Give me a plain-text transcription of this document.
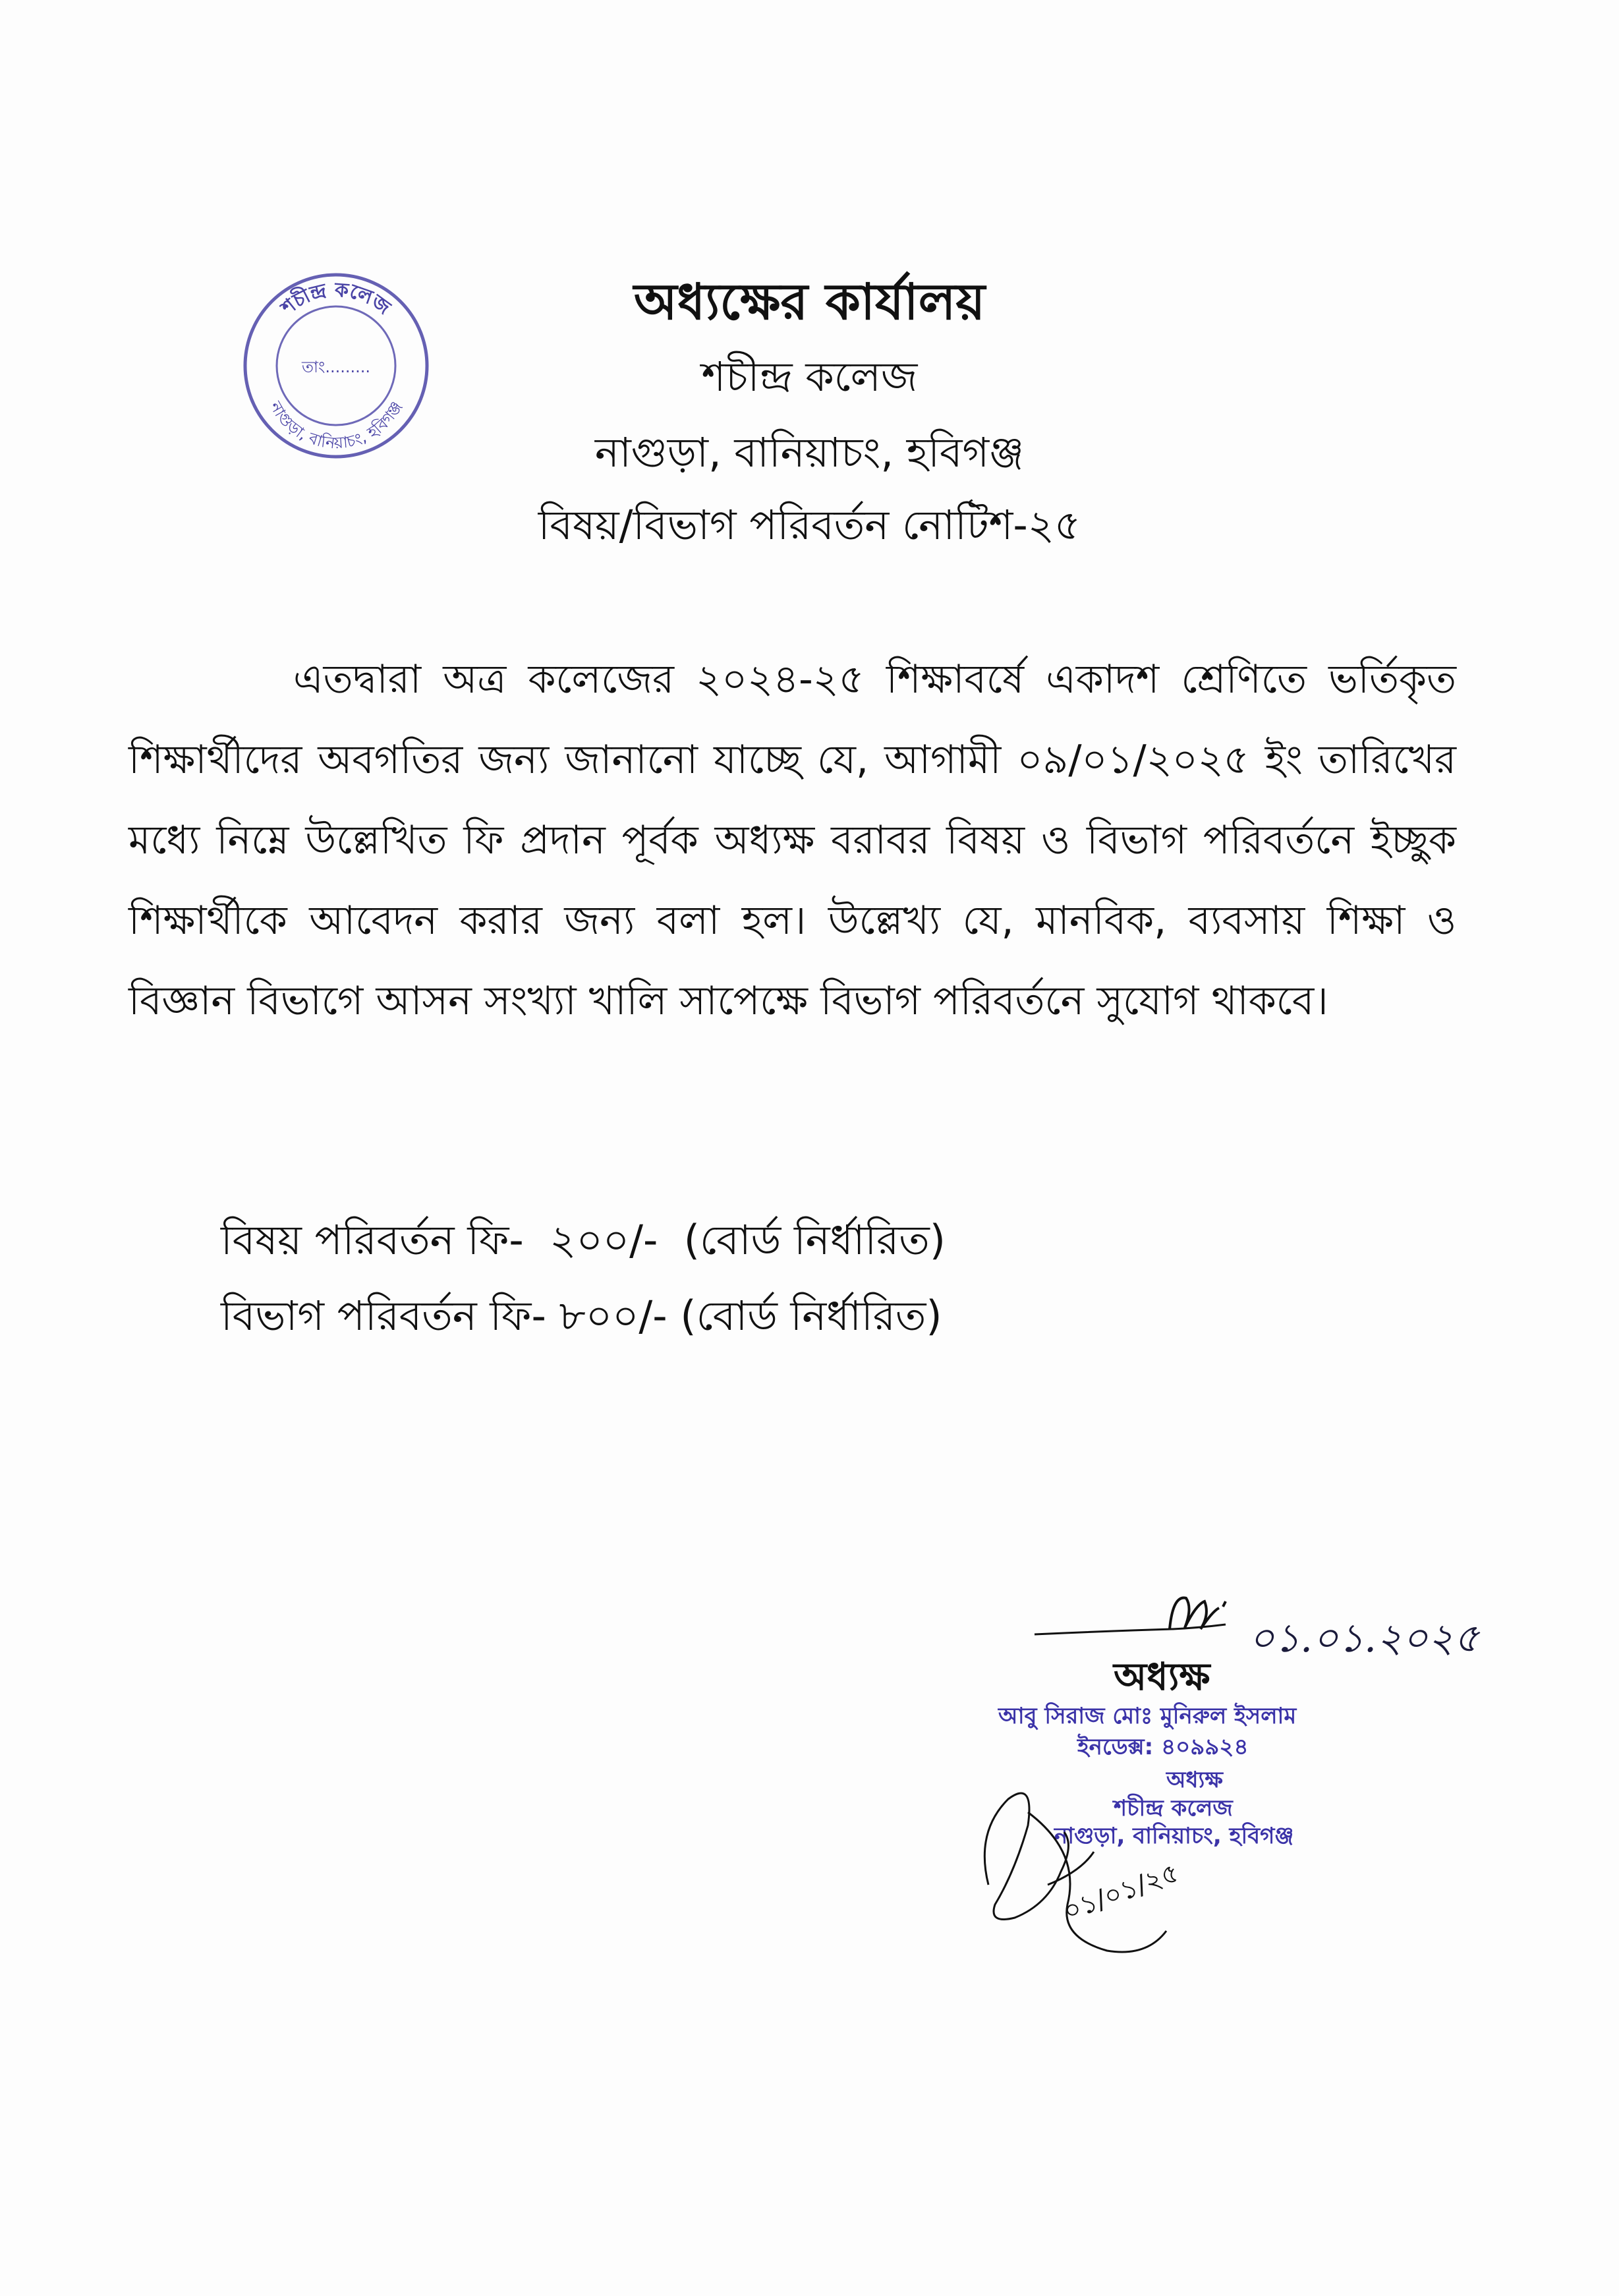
শচীন্দ্র কলেজ
তাং.........
নাগুড়া, বানিয়াচং, হবিগঞ্জ
অধ্যক্ষের কার্যালয়
শচীন্দ্র কলেজ
নাগুড়া, বানিয়াচং, হবিগঞ্জ
বিষয়/বিভাগ পরিবর্তন নোটিশ-২৫

এতদ্বারা অত্র কলেজের ২০২৪-২৫ শিক্ষাবর্ষে একাদশ শ্রেণিতে ভর্তিকৃত শিক্ষার্থীদের অবগতির জন্য জানানো যাচ্ছে যে, আগামী ০৯/০১/২০২৫ ইং তারিখের মধ্যে নিম্নে উল্লেখিত ফি প্রদান পূর্বক অধ্যক্ষ বরাবর বিষয় ও বিভাগ পরিবর্তনে ইচ্ছুক শিক্ষার্থীকে আবেদন করার জন্য বলা হল। উল্লেখ্য যে, মানবিক, ব্যবসায় শিক্ষা ও বিজ্ঞান বিভাগে আসন সংখ্যা খালি সাপেক্ষে বিভাগ পরিবর্তনে সুযোগ থাকবে।

বিষয় পরিবর্তন ফি-  ২০০/-  (বোর্ড নির্ধারিত)
বিভাগ পরিবর্তন ফি- ৮০০/- (বোর্ড নির্ধারিত)
০১.০১.২০২৫
অধ্যক্ষ
আবু সিরাজ মোঃ মুনিরুল ইসলাম
ইনডেক্স: ৪০৯৯২৪
অধ্যক্ষ
শচীন্দ্র কলেজ
নাগুড়া, বানিয়াচং, হবিগঞ্জ
০১/০১/২৫
